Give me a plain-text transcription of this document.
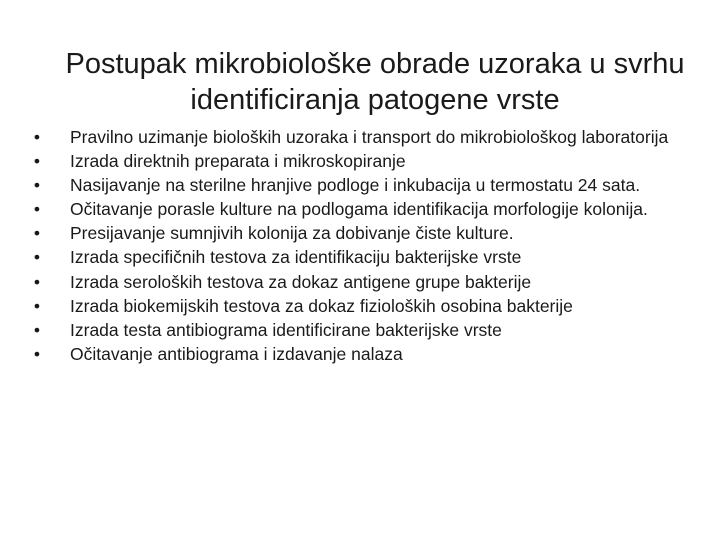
Postupak mikrobiološke obrade uzoraka u svrhu identificiranja patogene vrste
• Pravilno uzimanje bioloških uzoraka i transport do mikrobiološkog laboratorija
• Izrada direktnih preparata i mikroskopiranje
• Nasijavanje na sterilne hranjive podloge i inkubacija u termostatu 24 sata.
• Očitavanje porasle kulture na podlogama identifikacija morfologije kolonija.
• Presijavanje sumnjivih kolonija za dobivanje čiste kulture.
• Izrada specifičnih testova za identifikaciju bakterijske vrste
• Izrada seroloških testova za dokaz antigene grupe bakterije
• Izrada biokemijskih testova za dokaz fizioloških osobina bakterije
• Izrada testa antibiograma identificirane bakterijske vrste
• Očitavanje antibiograma i izdavanje nalaza
